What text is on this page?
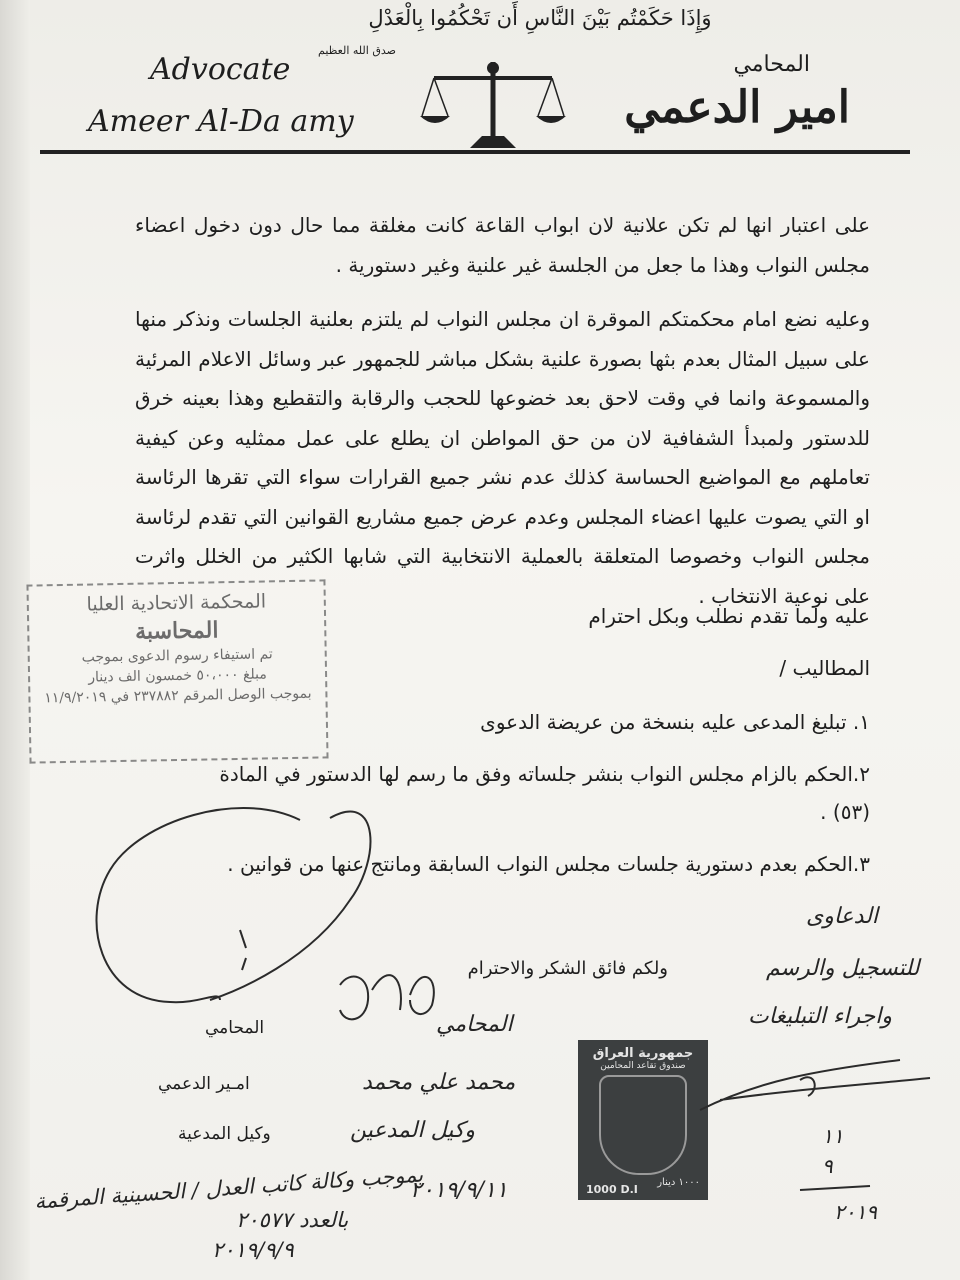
وَإِذَا حَكَمْتُم بَيْنَ النَّاسِ أَن تَحْكُمُوا بِالْعَدْلِ
صدق الله العظيم
Advocate
Ameer Al-Da amy
المحامي
امير الدعمي
على اعتبار انها لم تكن علانية لان ابواب القاعة كانت مغلقة مما حال دون دخول اعضاء مجلس النواب وهذا ما جعل من الجلسة غير علنية وغير دستورية .
وعليه نضع امام محكمتكم الموقرة ان مجلس النواب لم يلتزم بعلنية الجلسات ونذكر منها على سبيل المثال بعدم بثها بصورة علنية بشكل مباشر للجمهور عبر وسائل الاعلام المرئية والمسموعة وانما في وقت لاحق بعد خضوعها للحجب والرقابة والتقطيع وهذا بعينه خرق للدستور ولمبدأ الشفافية لان من حق المواطن ان يطلع على عمل ممثليه وعن كيفية تعاملهم مع المواضيع الحساسة كذلك عدم نشر جميع القرارات سواء التي تقرها الرئاسة او التي يصوت عليها اعضاء المجلس وعدم عرض جميع مشاريع القوانين التي تقدم لرئاسة مجلس النواب وخصوصا المتعلقة بالعملية الانتخابية التي شابها الكثير من الخلل واثرت على نوعية الانتخاب .
عليه ولما تقدم نطلب وبكل احترام
المطاليب /
١. تبليغ المدعى عليه بنسخة من عريضة الدعوى
٢.الحكم بالزام مجلس النواب بنشر جلساته وفق ما رسم لها الدستور في المادة
(٥٣) .
٣.الحكم بعدم دستورية جلسات مجلس النواب السابقة ومانتج عنها من قوانين .
المحكمة الاتحادية العليا
المحاسبة
تم استيفاء رسوم الدعوى بموجب
مبلغ ٥٠،٠٠٠ خمسون الف دينار
بموجب الوصل المرقم ٢٣٧٨٨٢ في ١١/٩/٢٠١٩
ولكم فائق الشكر والاحترام
المحامي
امـير الدعمي
وكيل المدعية
المحامي
محمد علي محمد
وكيل المدعين
الدعاوى
للتسجيل والرسم
واجراء التبليغات
بموجب وكالة كاتب العدل / الحسينية المرقمة
٢٠١٩/٩/١١
بالعدد ٢٠٥٧٧
٢٠١٩/٩/٩
١١
٩
٢٠١٩
جمهورية العراق
صندوق تقاعد المحامين
1000 D.I
١٠٠٠ دينار
